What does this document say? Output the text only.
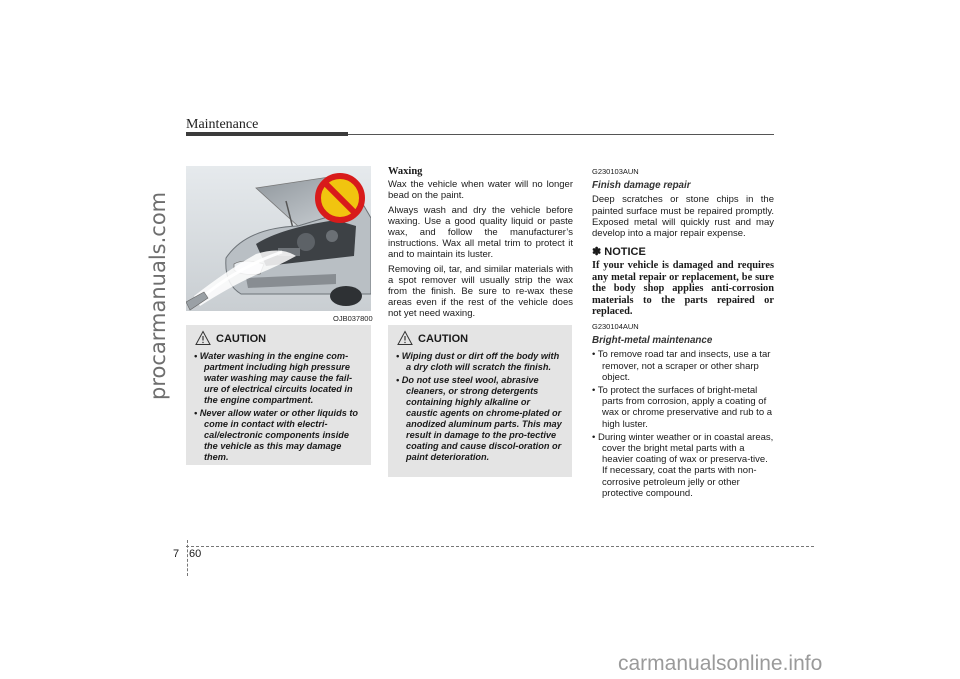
procarmanuals.com
Maintenance
OJB037800
CAUTION
• Water washing in the engine com-partment including high pressure water washing may cause the fail-ure of electrical circuits located in the engine compartment.
• Never allow water or other liquids to come in contact with electri-cal/electronic components inside the vehicle as this may damage them.
Waxing

Wax the vehicle when water will no longer bead on the paint.

Always wash and dry the vehicle before waxing. Use a good quality liquid or paste wax, and follow the manufacturer’s instructions. Wax all metal trim to protect it and to maintain its luster.

Removing oil, tar, and similar materials with a spot remover will usually strip the wax from the finish. Be sure to re-wax these areas even if the rest of the vehicle does not yet need waxing.

CAUTION
• Wiping dust or dirt off the body with a dry cloth will scratch the finish.
• Do not use steel wool, abrasive cleaners, or strong detergents containing highly alkaline or caustic agents on chrome-plated or anodized aluminum parts. This may result in damage to the pro-tective coating and cause discol-oration or paint deterioration.

G230103AUN

Finish damage repair

Deep scratches or stone chips in the painted surface must be repaired promptly. Exposed metal will quickly rust and may develop into a major repair expense.

✽ NOTICE

If your vehicle is damaged and requires any metal repair or replacement, be sure the body shop applies anti-corrosion materials to the parts repaired or replaced.

G230104AUN

Bright-metal maintenance

• To remove road tar and insects, use a tar remover, not a scraper or other sharp object.
• To protect the surfaces of bright-metal parts from corrosion, apply a coating of wax or chrome preservative and rub to a high luster.
• During winter weather or in coastal areas, cover the bright metal parts with a heavier coating of wax or preserva-tive. If necessary, coat the parts with non-corrosive petroleum jelly or other protective compound.
7 60
carmanualsonline.info
